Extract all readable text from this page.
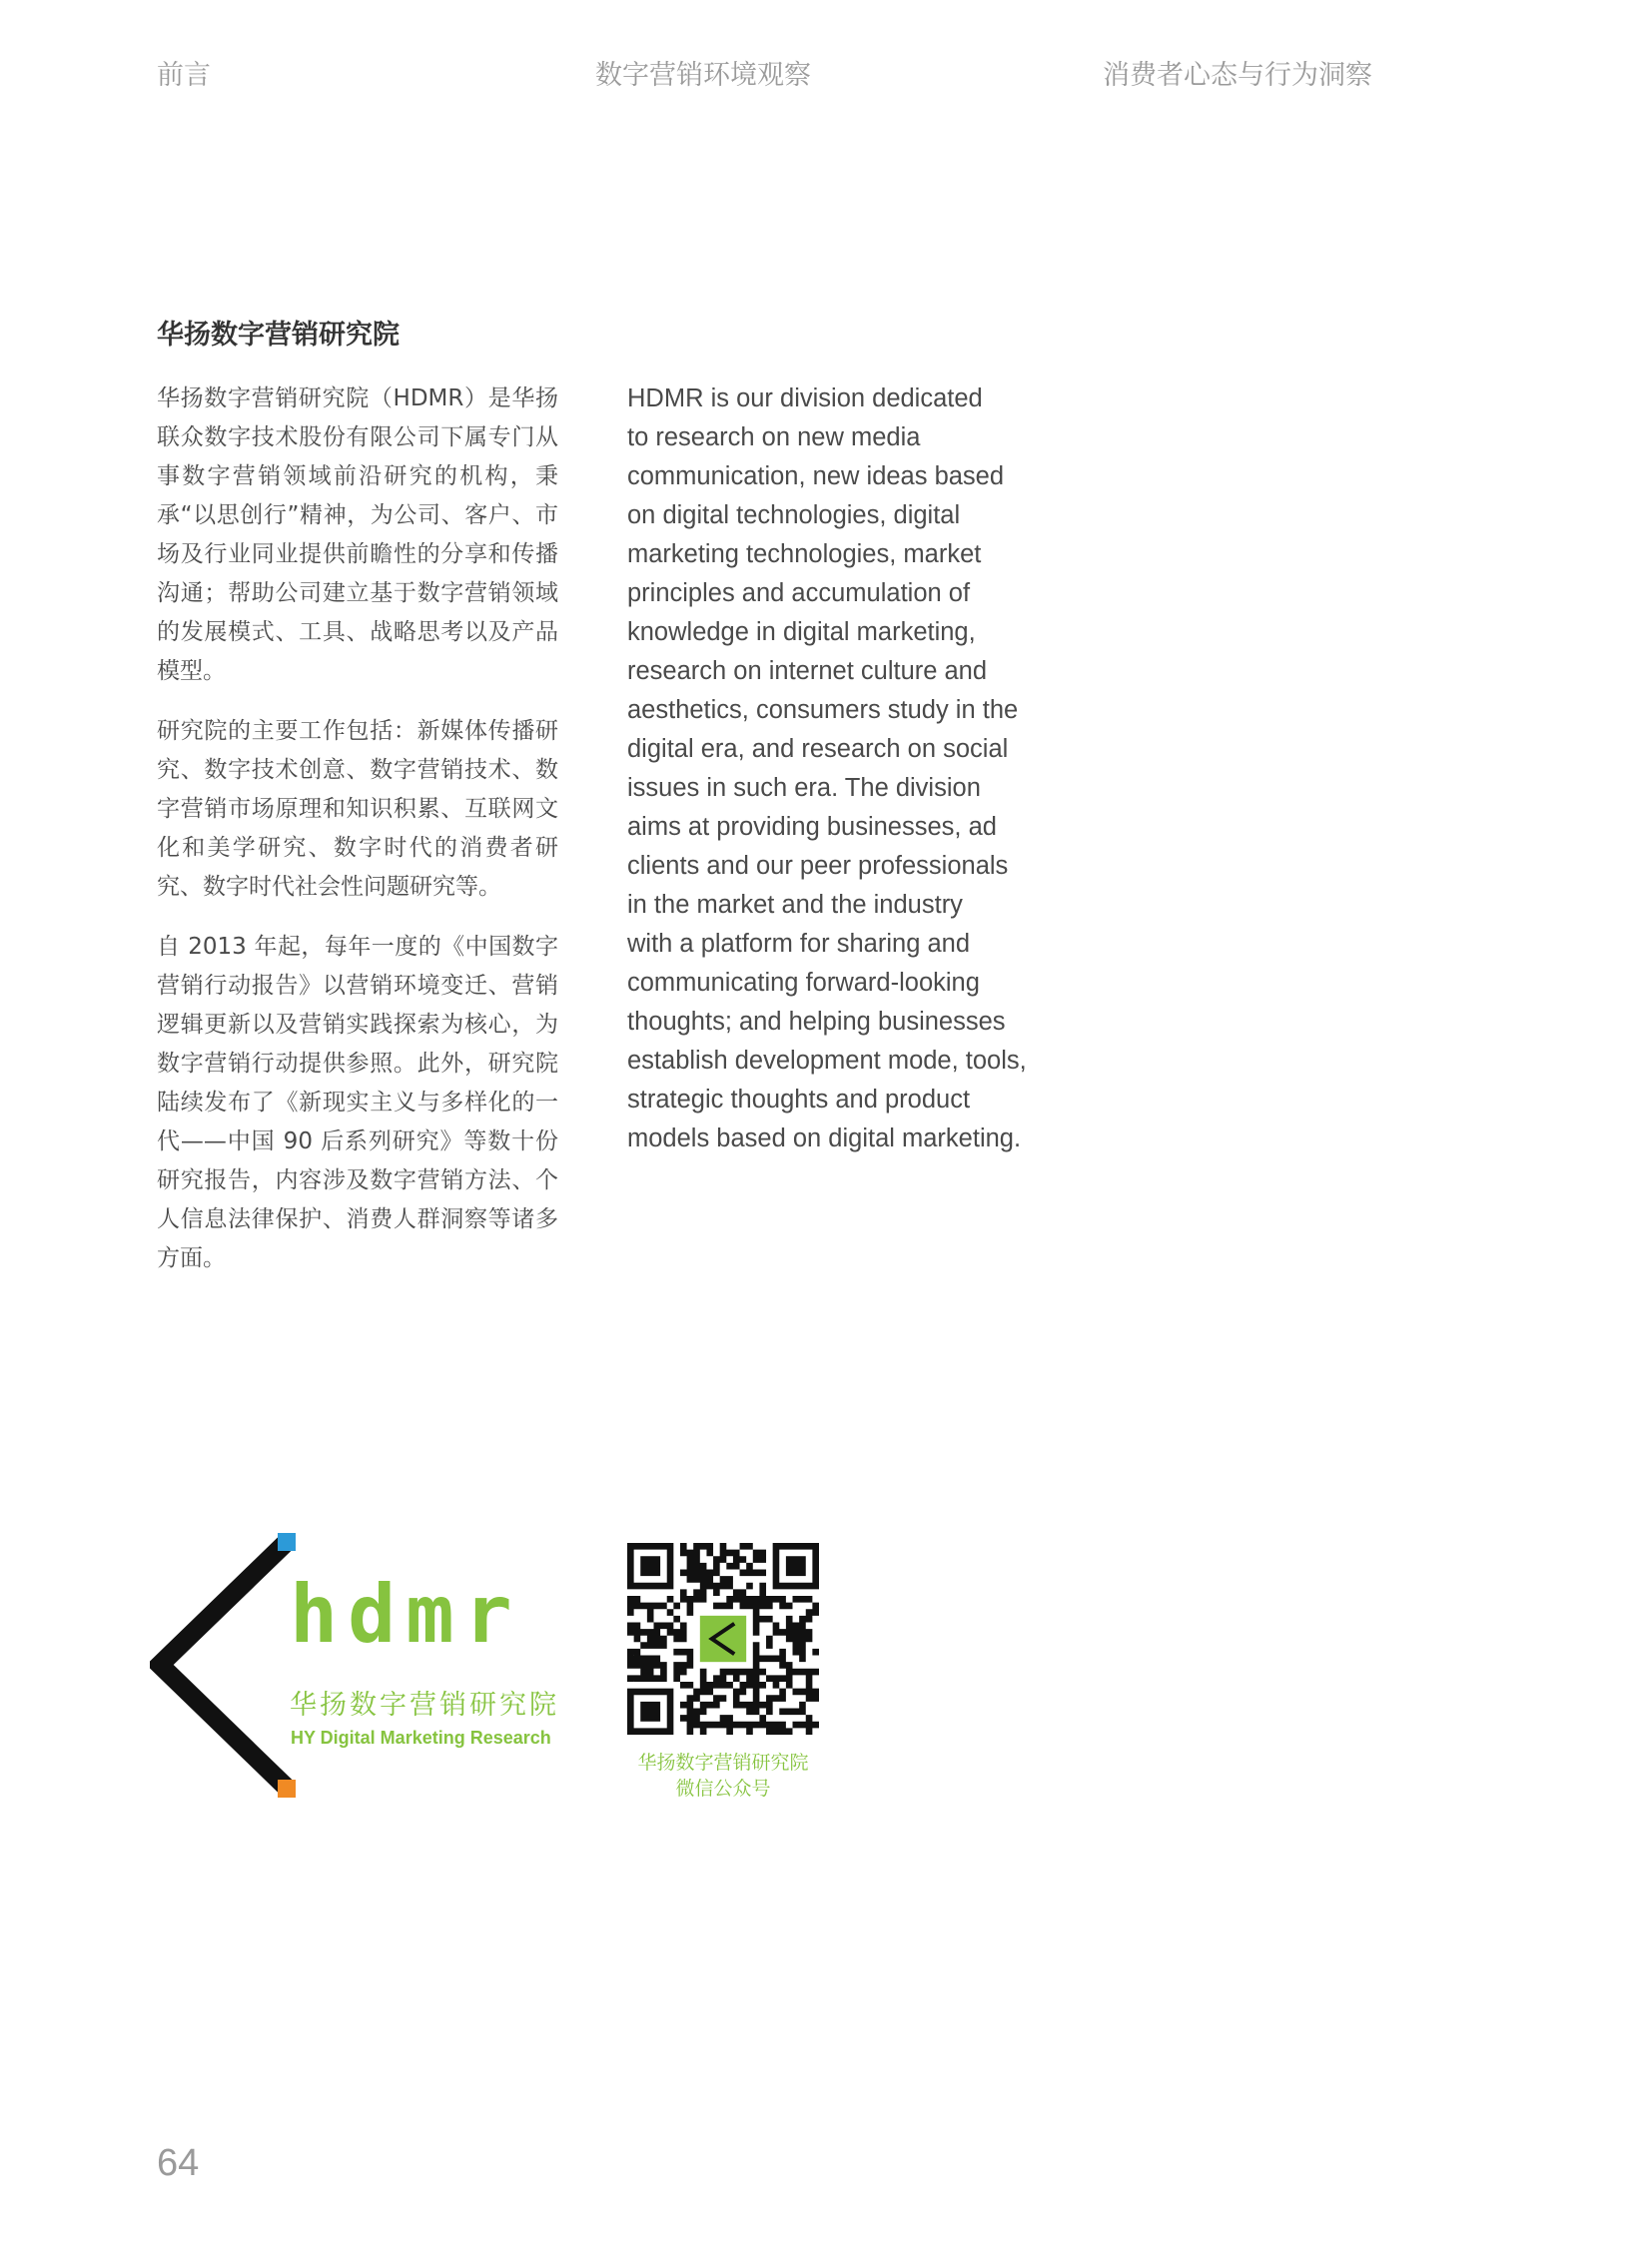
前言	数字营销环境观察	消费者心态与行为洞察
华扬数字营销研究院

华扬数字营销研究院（HDMR）是华扬联众数字技术股份有限公司下属专门从事数字营销领域前沿研究的机构，秉承“以思创行”精神，为公司、客户、市场及行业同业提供前瞻性的分享和传播沟通；帮助公司建立基于数字营销领域的发展模式、工具、战略思考以及产品模型。

研究院的主要工作包括：新媒体传播研究、数字技术创意、数字营销技术、数字营销市场原理和知识积累、互联网文化和美学研究、数字时代的消费者研究、数字时代社会性问题研究等。

自 2013 年起，每年一度的《中国数字营销行动报告》以营销环境变迁、营销逻辑更新以及营销实践探索为核心，为数字营销行动提供参照。此外，研究院陆续发布了《新现实主义与多样化的一代——中国 90 后系列研究》等数十份研究报告，内容涉及数字营销方法、个人信息法律保护、消费人群洞察等诸多方面。

HDMR is our division dedicated
to research on new media
communication, new ideas based
on digital technologies, digital
marketing technologies, market
principles and accumulation of
knowledge in digital marketing,
research on internet culture and
aesthetics, consumers study in the
digital era, and research on social
issues in such era. The division
aims at providing businesses, ad
clients and our peer professionals
in the market and the industry
with a platform for sharing and
communicating forward-looking
thoughts; and helping businesses
establish development mode, tools,
strategic thoughts and product
models based on digital marketing.
hdmr
华扬数字营销研究院
HY Digital Marketing Research
华扬数字营销研究院
微信公众号
64
